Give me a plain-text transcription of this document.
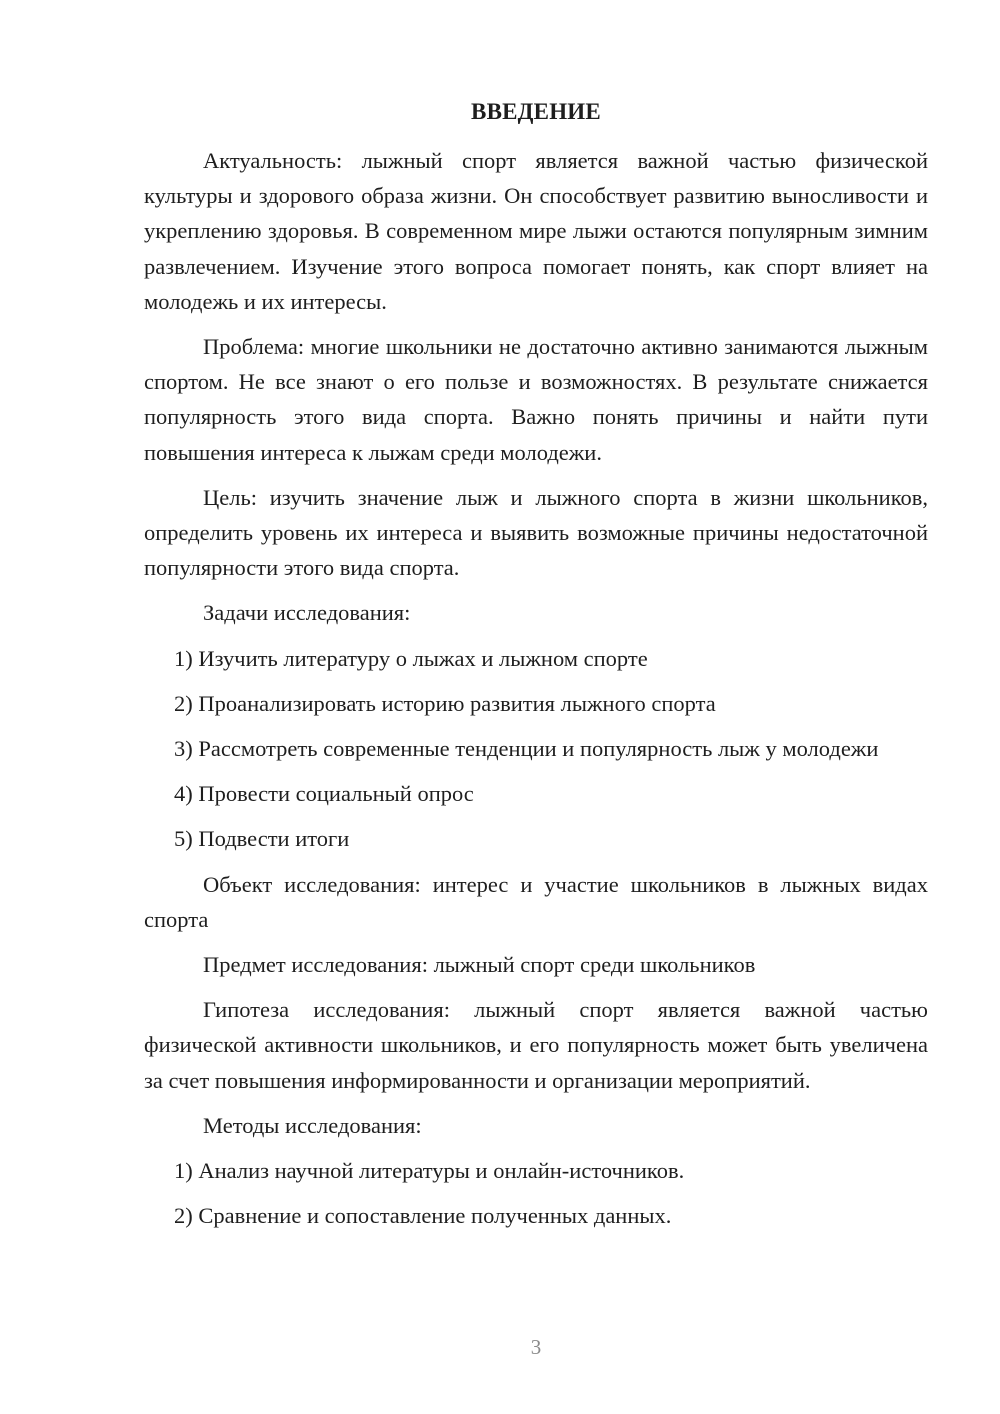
ВВЕДЕНИЕ

Актуальность: лыжный спорт является важной частью физической культуры и здорового образа жизни. Он способствует развитию выносливости и укреплению здоровья. В современном мире лыжи остаются популярным зимним развлечением. Изучение этого вопроса помогает понять, как спорт влияет на молодежь и их интересы.

Проблема: многие школьники не достаточно активно занимаются лыжным спортом. Не все знают о его пользе и возможностях. В результате снижается популярность этого вида спорта. Важно понять причины и найти пути повышения интереса к лыжам среди молодежи.

Цель: изучить значение лыж и лыжного спорта в жизни школьников, определить уровень их интереса и выявить возможные причины недостаточной популярности этого вида спорта.

Задачи исследования:

1) Изучить литературу о лыжах и лыжном спорте

2) Проанализировать историю развития лыжного спорта

3) Рассмотреть современные тенденции и популярность лыж у молодежи

4) Провести социальный опрос

5) Подвести итоги

Объект исследования: интерес и участие школьников в лыжных видах спорта

Предмет исследования: лыжный спорт среди школьников

Гипотеза исследования: лыжный спорт является важной частью физической активности школьников, и его популярность может быть увеличена за счет повышения информированности и организации мероприятий.

Методы исследования:

1) Анализ научной литературы и онлайн-источников.

2) Сравнение и сопоставление полученных данных.

3
